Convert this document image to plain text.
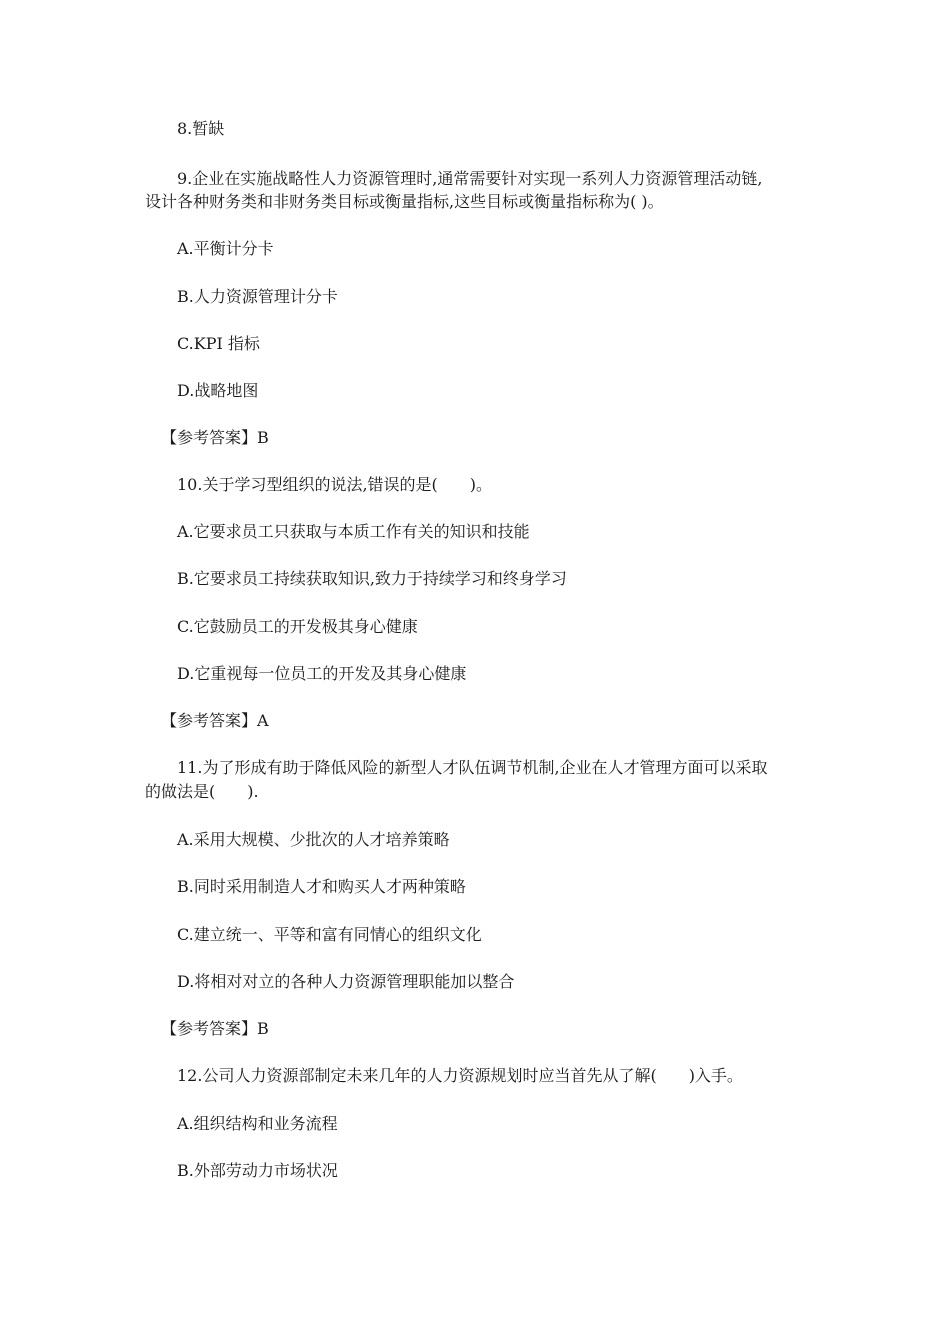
8.暂缺
9.企业在实施战略性人力资源管理时,通常需要针对实现一系列人力资源管理活动链,
设计各种财务类和非财务类目标或衡量指标,这些目标或衡量指标称为( )。
A.平衡计分卡
B.人力资源管理计分卡
C.KPI 指标
D.战略地图
【参考答案】B
10.关于学习型组织的说法,错误的是(　　)。
A.它要求员工只获取与本质工作有关的知识和技能
B.它要求员工持续获取知识,致力于持续学习和终身学习
C.它鼓励员工的开发极其身心健康
D.它重视每一位员工的开发及其身心健康
【参考答案】A
11.为了形成有助于降低风险的新型人才队伍调节机制,企业在人才管理方面可以采取
的做法是(　　).
A.采用大规模、少批次的人才培养策略
B.同时采用制造人才和购买人才两种策略
C.建立统一、平等和富有同情心的组织文化
D.将相对对立的各种人力资源管理职能加以整合
【参考答案】B
12.公司人力资源部制定未来几年的人力资源规划时应当首先从了解(　　)入手。
A.组织结构和业务流程
B.外部劳动力市场状况
